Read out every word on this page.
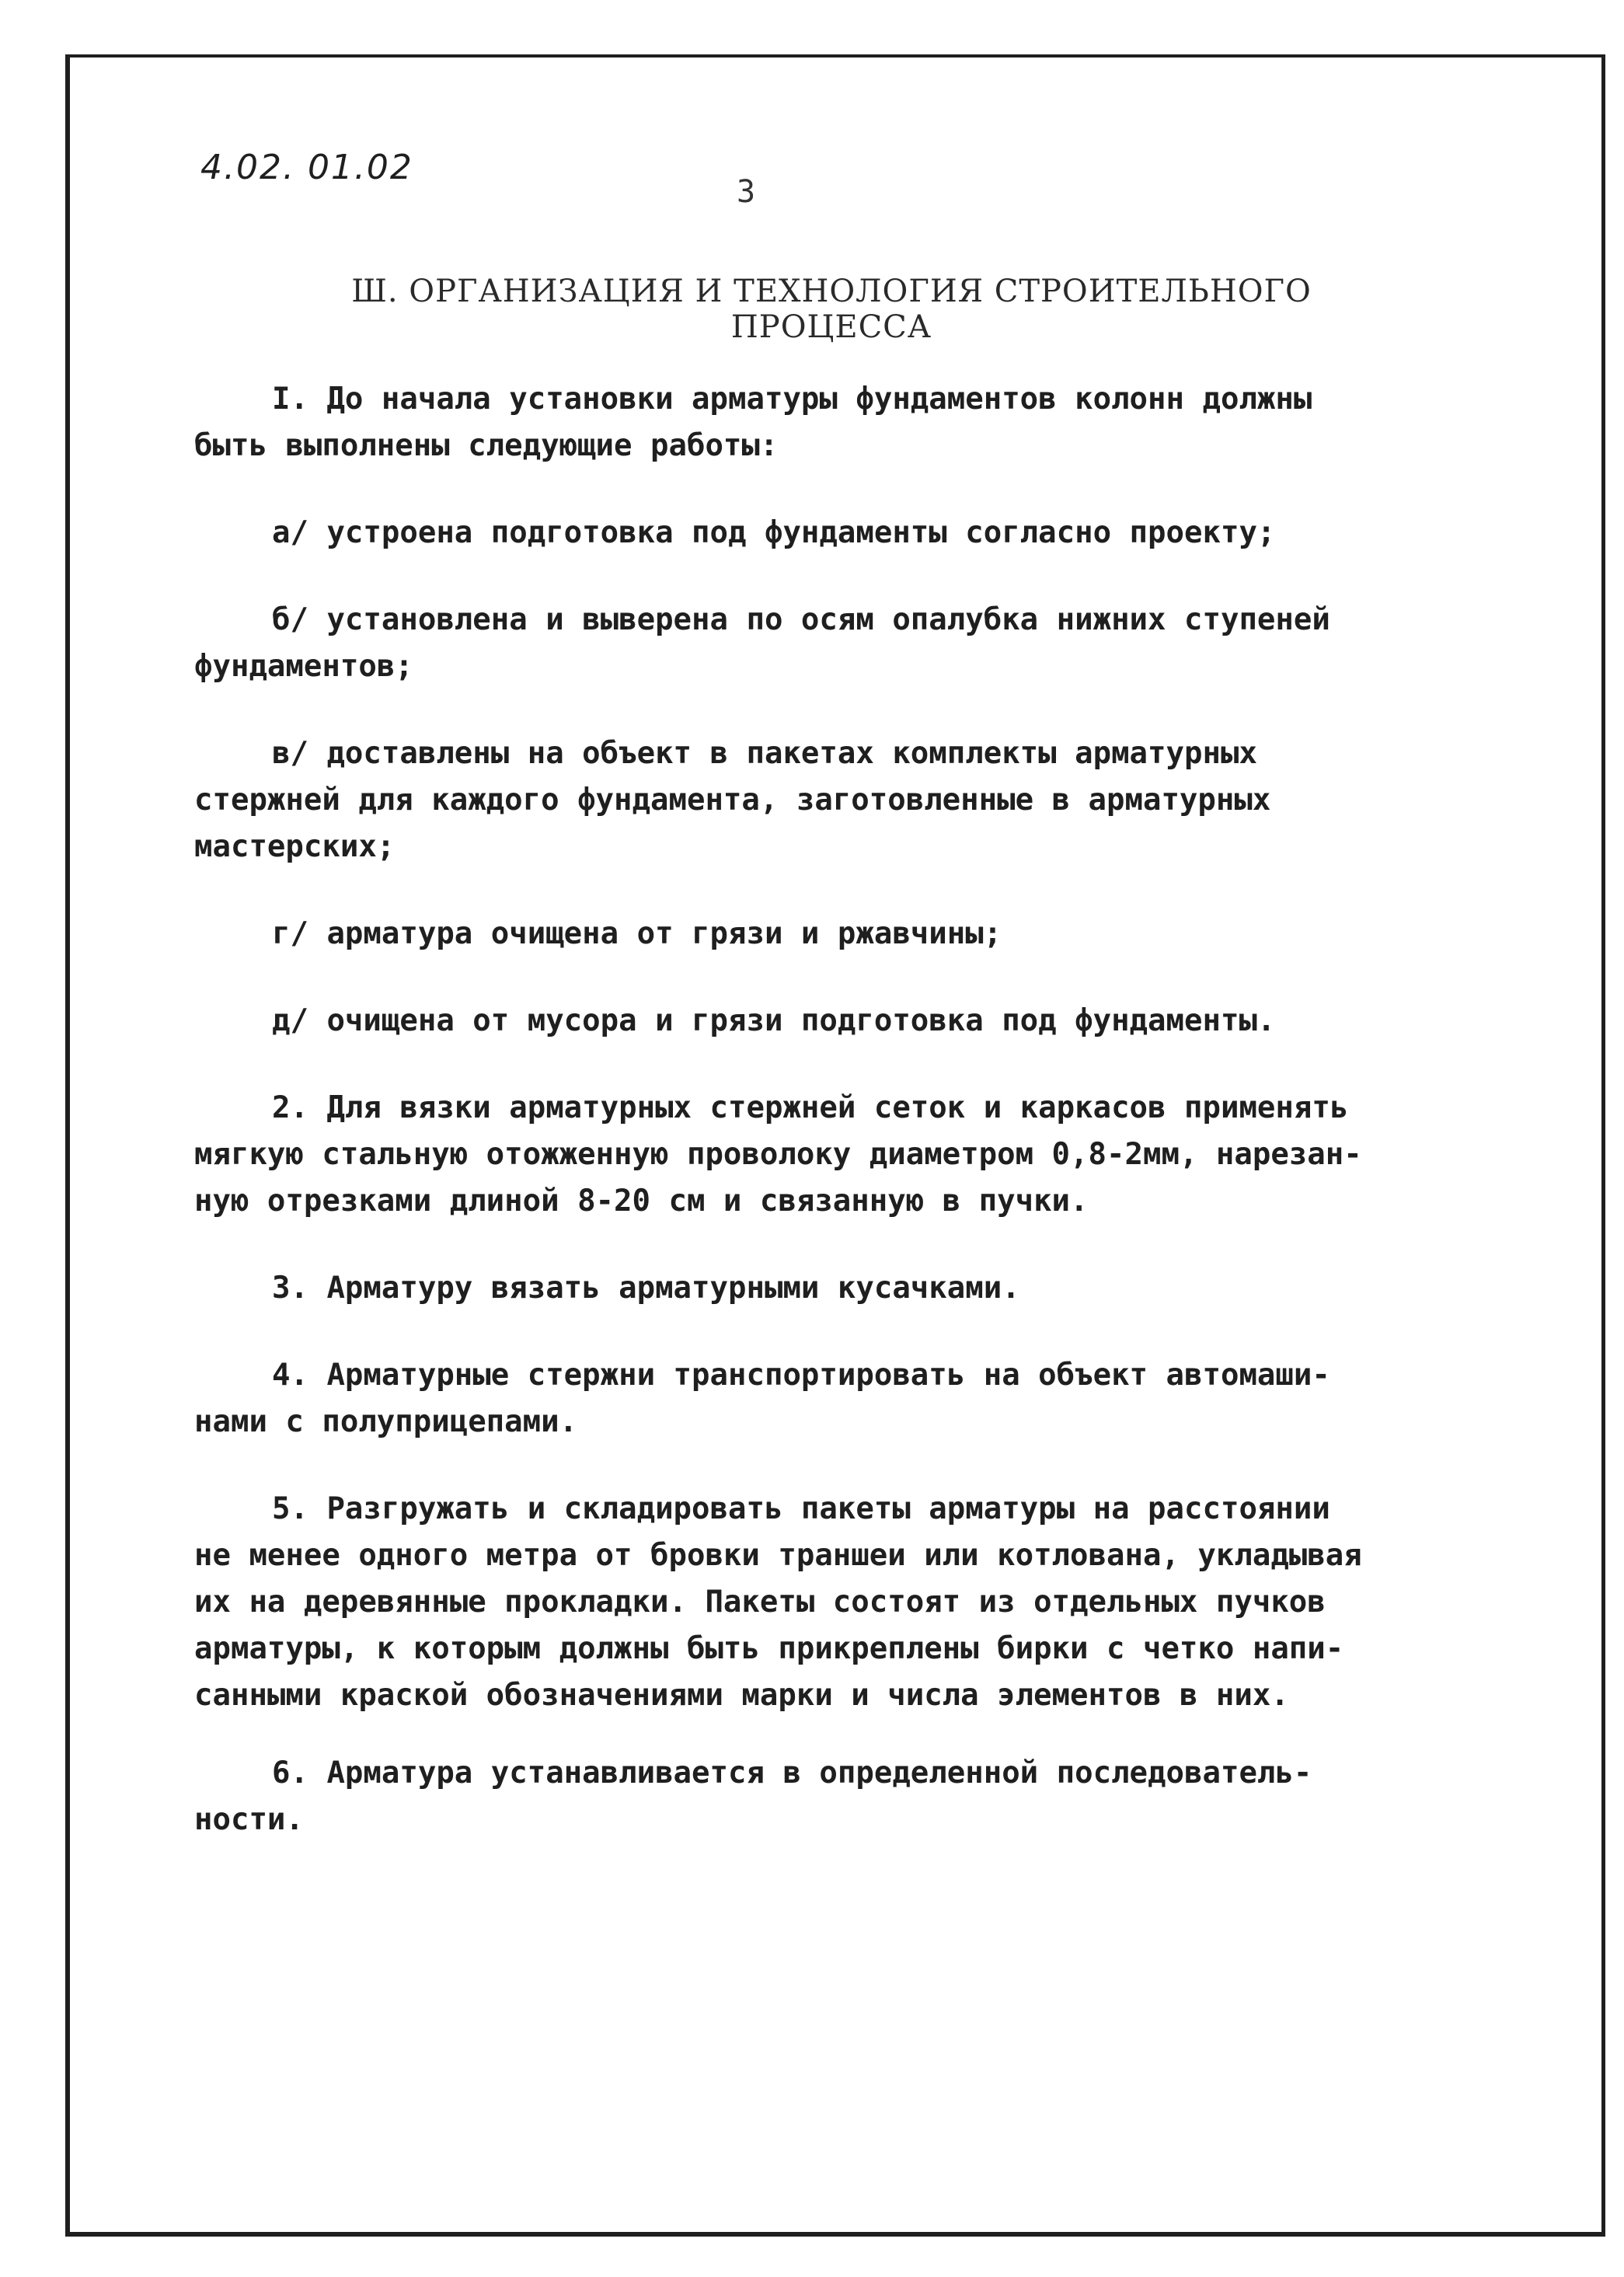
4.02. 01.02
3
Ш. ОРГАНИЗАЦИЯ И ТЕХНОЛОГИЯ СТРОИТЕЛЬНОГО
ПРОЦЕССА

I. До начала установки арматуры фундаментов колонн должны
быть выполнены следующие работы:

а/ устроена подготовка под фундаменты согласно проекту;

б/ установлена и выверена по осям опалубка нижних ступеней
фундаментов;

в/ доставлены на объект в пакетах комплекты арматурных
стержней для каждого фундамента, заготовленные в арматурных
мастерских;

г/ арматура очищена от грязи и ржавчины;

д/ очищена от мусора и грязи подготовка под фундаменты.

2. Для вязки арматурных стержней сеток и каркасов применять
мягкую стальную отожженную проволоку диаметром 0,8-2мм, нарезан-
ную отрезками длиной 8-20 см и связанную в пучки.

3. Арматуру вязать арматурными кусачками.

4. Арматурные стержни транспортировать на объект автомаши-
нами с полуприцепами.

5. Разгружать и складировать пакеты арматуры на расстоянии
не менее одного метра от бровки траншеи или котлована, укладывая
их на деревянные прокладки. Пакеты состоят из отдельных пучков
арматуры, к которым должны быть прикреплены бирки с четко напи-
санными краской обозначениями марки и числа элементов в них.

6. Арматура устанавливается в определенной последователь-
ности.
